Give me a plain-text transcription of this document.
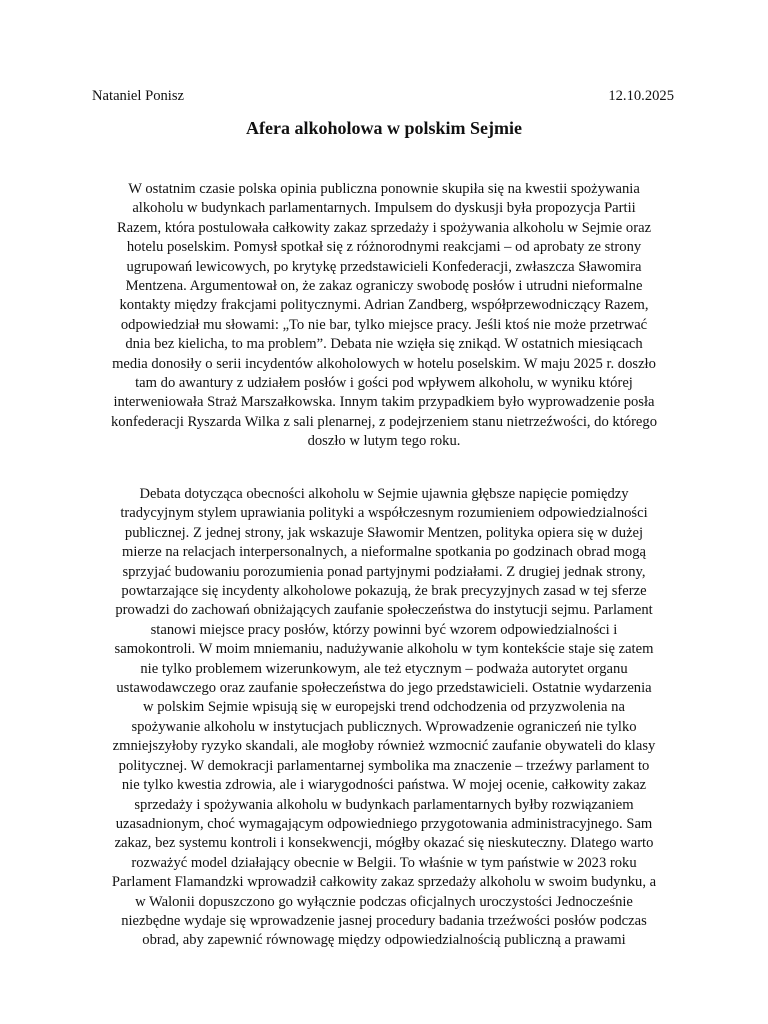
Nataniel Ponisz	12.10.2025
Afera alkoholowa w polskim Sejmie
W ostatnim czasie polska opinia publiczna ponownie skupiła się na kwestii spożywania
alkoholu w budynkach parlamentarnych. Impulsem do dyskusji była propozycja Partii
Razem, która postulowała całkowity zakaz sprzedaży i spożywania alkoholu w Sejmie oraz
hotelu poselskim. Pomysł spotkał się z różnorodnymi reakcjami – od aprobaty ze strony
ugrupowań lewicowych, po krytykę przedstawicieli Konfederacji, zwłaszcza Sławomira
Mentzena. Argumentował on, że zakaz ograniczy swobodę posłów i utrudni nieformalne
kontakty między frakcjami politycznymi. Adrian Zandberg, współprzewodniczący Razem,
odpowiedział mu słowami: „To nie bar, tylko miejsce pracy. Jeśli ktoś nie może przetrwać
dnia bez kielicha, to ma problem”. Debata nie wzięła się znikąd. W ostatnich miesiącach
media donosiły o serii incydentów alkoholowych w hotelu poselskim. W maju 2025 r. doszło
tam do awantury z udziałem posłów i gości pod wpływem alkoholu, w wyniku której
interweniowała Straż Marszałkowska. Innym takim przypadkiem było wyprowadzenie posła
konfederacji Ryszarda Wilka z sali plenarnej, z podejrzeniem stanu nietrzeźwości, do którego
doszło w lutym tego roku.
Debata dotycząca obecności alkoholu w Sejmie ujawnia głębsze napięcie pomiędzy
tradycyjnym stylem uprawiania polityki a współczesnym rozumieniem odpowiedzialności
publicznej. Z jednej strony, jak wskazuje Sławomir Mentzen, polityka opiera się w dużej
mierze na relacjach interpersonalnych, a nieformalne spotkania po godzinach obrad mogą
sprzyjać budowaniu porozumienia ponad partyjnymi podziałami. Z drugiej jednak strony,
powtarzające się incydenty alkoholowe pokazują, że brak precyzyjnych zasad w tej sferze
prowadzi do zachowań obniżających zaufanie społeczeństwa do instytucji sejmu. Parlament
stanowi miejsce pracy posłów, którzy powinni być wzorem odpowiedzialności i
samokontroli. W moim mniemaniu, nadużywanie alkoholu w tym kontekście staje się zatem
nie tylko problemem wizerunkowym, ale też etycznym – podważa autorytet organu
ustawodawczego oraz zaufanie społeczeństwa do jego przedstawicieli. Ostatnie wydarzenia
w polskim Sejmie wpisują się w europejski trend odchodzenia od przyzwolenia na
spożywanie alkoholu w instytucjach publicznych. Wprowadzenie ograniczeń nie tylko
zmniejszyłoby ryzyko skandali, ale mogłoby również wzmocnić zaufanie obywateli do klasy
politycznej. W demokracji parlamentarnej symbolika ma znaczenie – trzeźwy parlament to
nie tylko kwestia zdrowia, ale i wiarygodności państwa. W mojej ocenie, całkowity zakaz
sprzedaży i spożywania alkoholu w budynkach parlamentarnych byłby rozwiązaniem
uzasadnionym, choć wymagającym odpowiedniego przygotowania administracyjnego. Sam
zakaz, bez systemu kontroli i konsekwencji, mógłby okazać się nieskuteczny. Dlatego warto
rozważyć model działający obecnie w Belgii. To właśnie w tym państwie w 2023 roku
Parlament Flamandzki wprowadził całkowity zakaz sprzedaży alkoholu w swoim budynku, a
w Walonii dopuszczono go wyłącznie podczas oficjalnych uroczystości Jednocześnie
niezbędne wydaje się wprowadzenie jasnej procedury badania trzeźwości posłów podczas
obrad, aby zapewnić równowagę między odpowiedzialnością publiczną a prawami
